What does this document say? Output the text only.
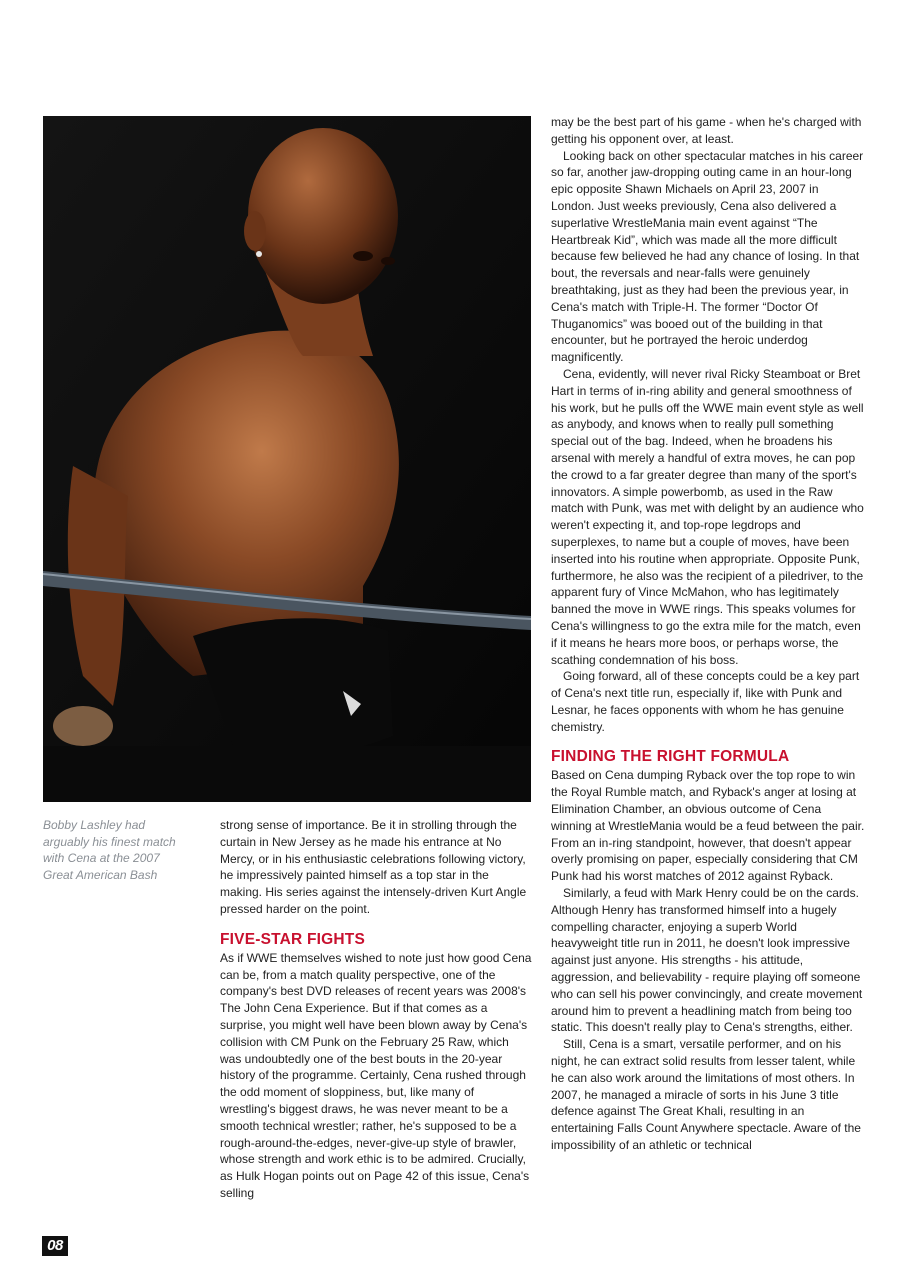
Bobby Lashley had

arguably his finest match

with Cena at the 2007

Great American Bash

strong sense of importance. Be it in strolling through the curtain in New Jersey as he made his entrance at No Mercy, or in his enthusiastic celebrations following victory, he impressively painted himself as a top star in the making. His series against the intensely-driven Kurt Angle pressed harder on the point.

FIVE-STAR FIGHTS

As if WWE themselves wished to note just how good Cena can be, from a match quality perspective, one of the company's best DVD releases of recent years was 2008's The John Cena Experience. But if that comes as a surprise, you might well have been blown away by Cena's collision with CM Punk on the February 25 Raw, which was undoubtedly one of the best bouts in the 20-year history of the programme. Certainly, Cena rushed through the odd moment of sloppiness, but, like many of wrestling's biggest draws, he was never meant to be a smooth technical wrestler; rather, he's supposed to be a rough-around-the-edges, never-give-up style of brawler, whose strength and work ethic is to be admired. Crucially, as Hulk Hogan points out on Page 42 of this issue, Cena's selling

may be the best part of his game - when he's charged with getting his opponent over, at least.

Looking back on other spectacular matches in his career so far, another jaw-dropping outing came in an hour-long epic opposite Shawn Michaels on April 23, 2007 in London. Just weeks previously, Cena also delivered a superlative WrestleMania main event against “The Heartbreak Kid”, which was made all the more difficult because few believed he had any chance of losing. In that bout, the reversals and near-falls were genuinely breathtaking, just as they had been the previous year, in Cena's match with Triple-H. The former “Doctor Of Thuganomics” was booed out of the building in that encounter, but he portrayed the heroic underdog magnificently.

Cena, evidently, will never rival Ricky Steamboat or Bret Hart in terms of in-ring ability and general smoothness of his work, but he pulls off the WWE main event style as well as anybody, and knows when to really pull something special out of the bag. Indeed, when he broadens his arsenal with merely a handful of extra moves, he can pop the crowd to a far greater degree than many of the sport's innovators. A simple powerbomb, as used in the Raw match with Punk, was met with delight by an audience who weren't expecting it, and top-rope legdrops and superplexes, to name but a couple of moves, have been inserted into his routine when appropriate. Opposite Punk, furthermore, he also was the recipient of a piledriver, to the apparent fury of Vince McMahon, who has legitimately banned the move in WWE rings. This speaks volumes for Cena's willingness to go the extra mile for the match, even if it means he hears more boos, or perhaps worse, the scathing condemnation of his boss.

Going forward, all of these concepts could be a key part of Cena's next title run, especially if, like with Punk and Lesnar, he faces opponents with whom he has genuine chemistry.

FINDING THE RIGHT FORMULA

Based on Cena dumping Ryback over the top rope to win the Royal Rumble match, and Ryback's anger at losing at Elimination Chamber, an obvious outcome of Cena winning at WrestleMania would be a feud between the pair. From an in-ring standpoint, however, that doesn't appear overly promising on paper, especially considering that CM Punk had his worst matches of 2012 against Ryback.

Similarly, a feud with Mark Henry could be on the cards. Although Henry has transformed himself into a hugely compelling character, enjoying a superb World heavyweight title run in 2011, he doesn't look impressive against just anyone. His strengths - his attitude, aggression, and believability - require playing off someone who can sell his power convincingly, and create movement around him to prevent a headlining match from being too static. This doesn't really play to Cena's strengths, either.

Still, Cena is a smart, versatile performer, and on his night, he can extract solid results from lesser talent, while he can also work around the limitations of most others. In 2007, he managed a miracle of sorts in his June 3 title defence against The Great Khali, resulting in an entertaining Falls Count Anywhere spectacle. Aware of the impossibility of an athletic or technical

08
